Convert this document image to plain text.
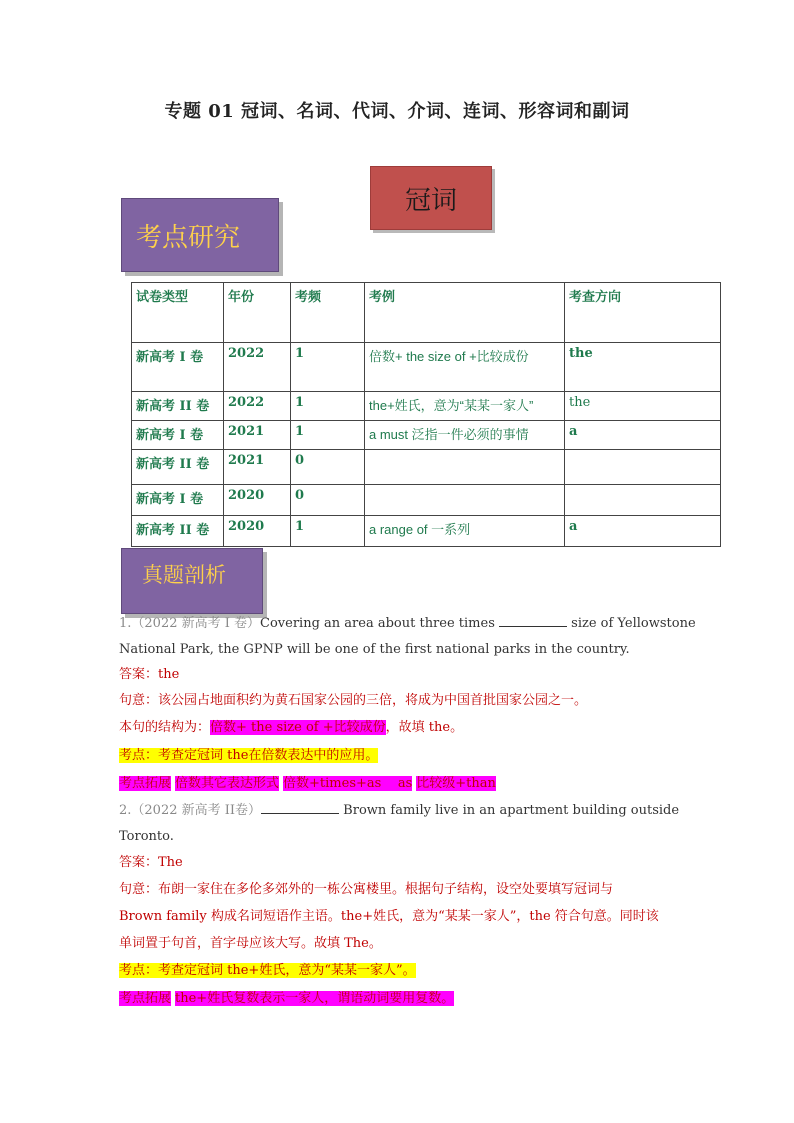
专题 01 冠词、名词、代词、介词、连词、形容词和副词
冠词
考点研究
试卷类型	年份	考频	考例	考查方向
新高考 I 卷	2022	1	倍数+ the size of +比较成份	the
新高考 II 卷	2022	1	the+姓氏，意为“某某一家人”	the
新高考 I 卷	2021	1	a must 泛指一件必须的事情	a
新高考 II 卷	2021	0		
新高考 I 卷	2020	0		
新高考 II 卷	2020	1	a range of 一系列	a
真题剖析
1.（2022 新高考 I 卷）Covering an area about three times	size of Yellowstone
National Park, the GPNP will be one of the first national parks in the country.
答案：the
句意：该公园占地面积约为黄石国家公园的三倍，将成为中国首批国家公园之一。
本句的结构为：倍数+ the size of +比较成份，故填 the。
考点：考查定冠词 the在倍数表达中的应用。
考点拓展 倍数其它表达形式 倍数+times+as    as 比较级+than
2.（2022 新高考 II卷）	Brown family live in an apartment building outside
Toronto.
答案：The
句意：布朗一家住在多伦多郊外的一栋公寓楼里。根据句子结构，设空处要填写冠词与
Brown family 构成名词短语作主语。the+姓氏，意为“某某一家人”，the 符合句意。同时该
单词置于句首，首字母应该大写。故填 The。
考点：考查定冠词 the+姓氏，意为“某某一家人”。
考点拓展 the+姓氏复数表示一家人，谓语动词要用复数。
